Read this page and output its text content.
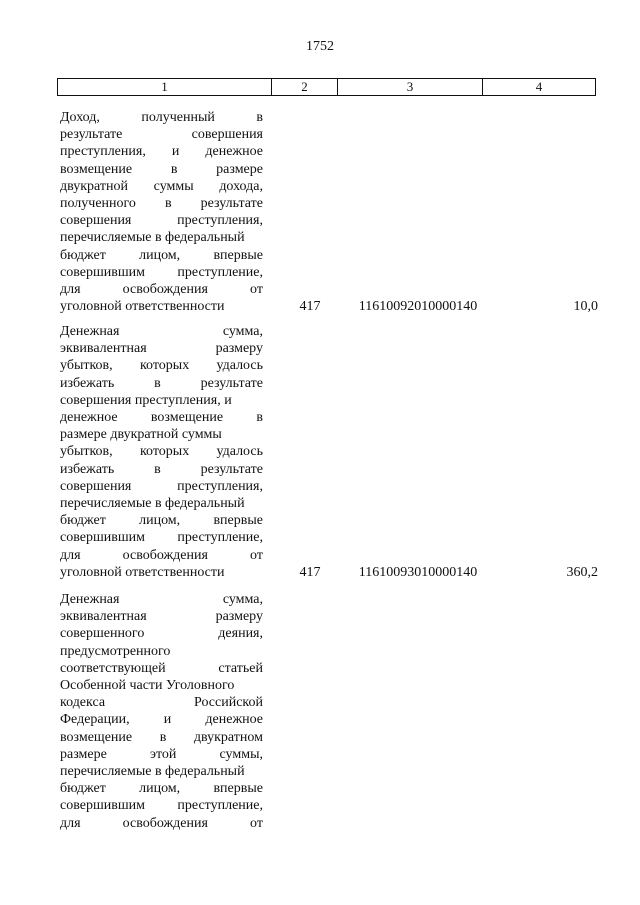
1752
1	2	3	4
Доход,	полученный	в
результате	совершения
преступления, и денежное
возмещение	в	размере
двукратной суммы дохода,
полученного в результате
совершения	преступления,
перечисляемые в федеральный
бюджет лицом, впервые
совершившим преступление,
для	освобождения	от
уголовной ответственности	417	11610092010000140	10,0
Денежная	сумма,
эквивалентная	размеру
убытков, которых удалось
избежать	в	результате
совершения преступления, и
денежное возмещение в
размере двукратной суммы
убытков, которых удалось
избежать	в	результате
совершения	преступления,
перечисляемые в федеральный
бюджет лицом, впервые
совершившим преступление,
для	освобождения	от
уголовной ответственности	417	11610093010000140	360,2
Денежная	сумма,
эквивалентная	размеру
совершенного	деяния,
предусмотренного
соответствующей	статьей
Особенной части Уголовного
кодекса	Российской
Федерации, и денежное
возмещение в двукратном
размере	этой	суммы,
перечисляемые в федеральный
бюджет лицом, впервые
совершившим преступление,
для	освобождения	от
